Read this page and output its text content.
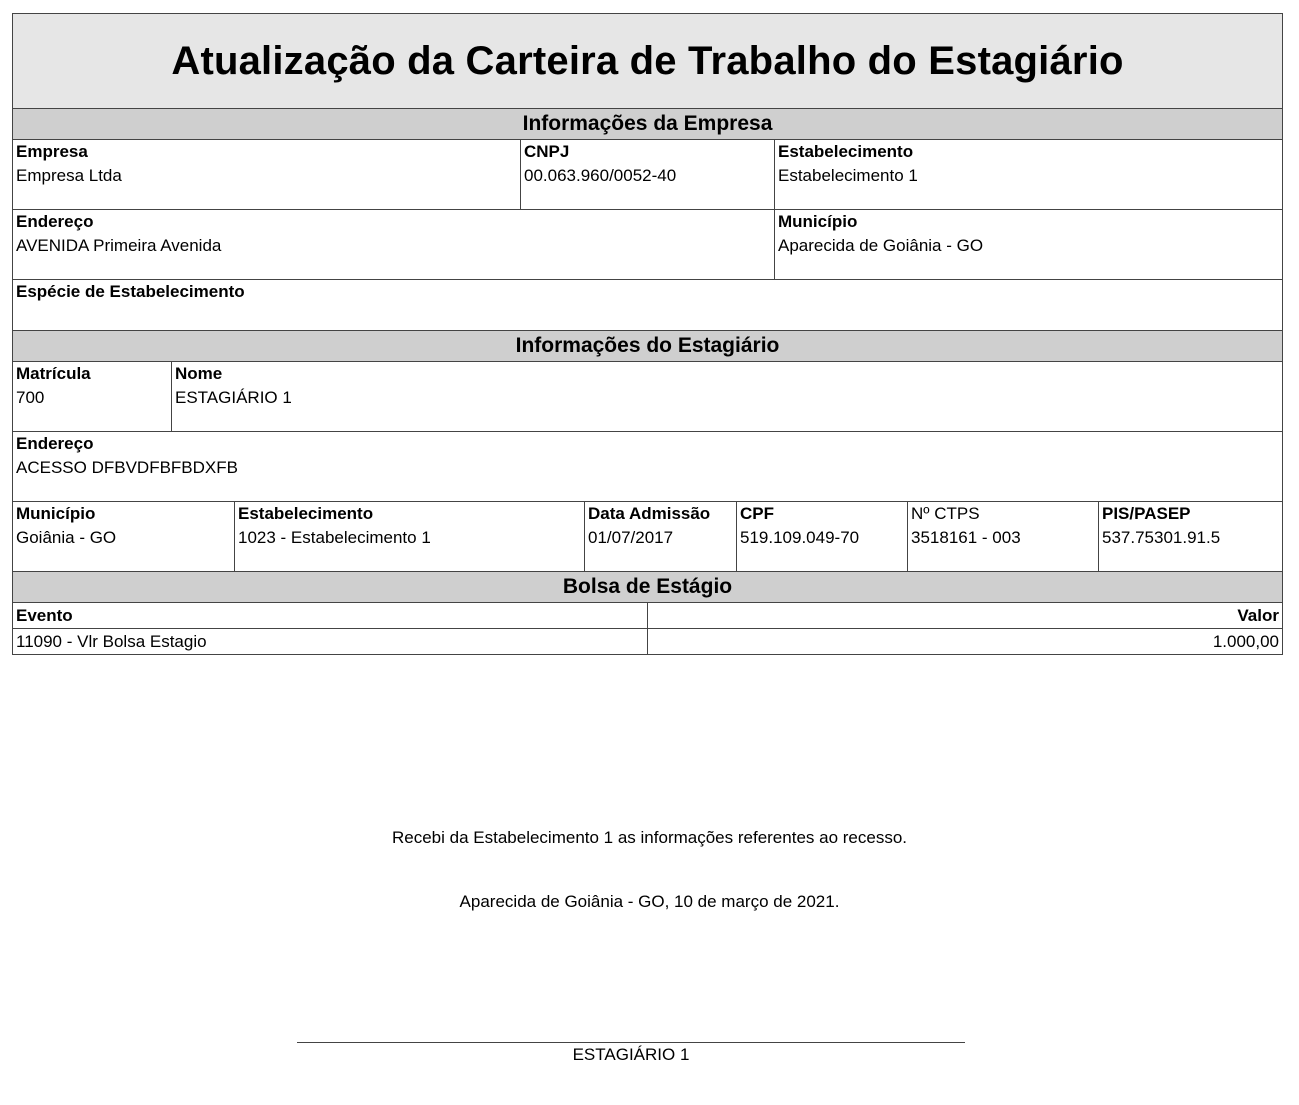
Atualização da Carteira de Trabalho do Estagiário
Informações da Empresa
Empresa
Empresa Ltda
CNPJ
00.063.960/0052-40
Estabelecimento
Estabelecimento 1
Endereço
AVENIDA Primeira Avenida
Município
Aparecida de Goiânia - GO
Espécie de Estabelecimento
Informações do Estagiário
Matrícula
700
Nome
ESTAGIÁRIO 1
Endereço
ACESSO DFBVDFBFBDXFB
Município
Goiânia - GO
Estabelecimento
1023 - Estabelecimento 1
Data Admissão
01/07/2017
CPF
519.109.049-70
Nº CTPS
3518161 - 003
PIS/PASEP
537.75301.91.5
Bolsa de Estágio
Evento	Valor
11090 - Vlr Bolsa Estagio	1.000,00
Recebi da Estabelecimento 1 as informações referentes ao recesso.
Aparecida de Goiânia - GO, 10 de março de 2021.
ESTAGIÁRIO 1
